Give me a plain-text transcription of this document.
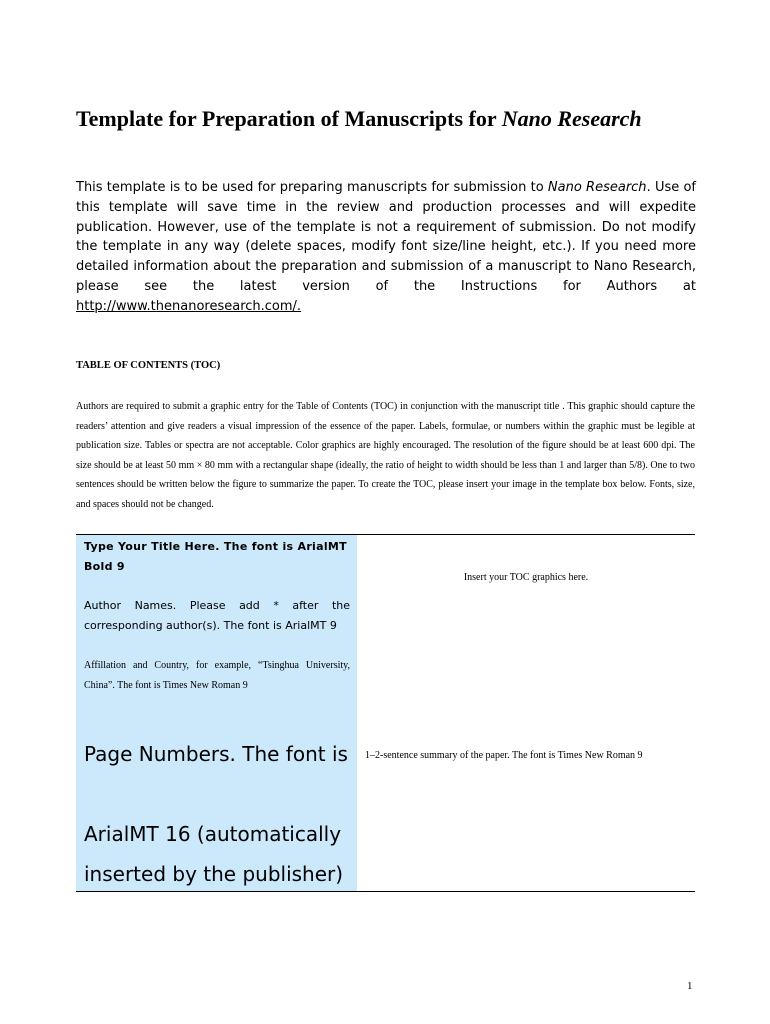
Template for Preparation of Manuscripts for Nano Research

This template is to be used for preparing manuscripts for submission to Nano Research. Use of this template will save time in the review and production processes and will expedite publication. However, use of the template is not a requirement of submission. Do not modify the template in any way (delete spaces, modify font size/line height, etc.). If you need more detailed information about the preparation and submission of a manuscript to Nano Research, please see the latest version of the Instructions for Authors at http://www.thenanoresearch.com/.

TABLE OF CONTENTS (TOC)

Authors are required to submit a graphic entry for the Table of Contents (TOC) in conjunction with the manuscript title . This graphic should capture the readers’ attention and give readers a visual impression of the essence of the paper. Labels, formulae, or numbers within the graphic must be legible at publication size. Tables or spectra are not acceptable. Color graphics are highly encouraged. The resolution of the figure should be at least 600 dpi. The size should be at least 50 mm × 80 mm with a rectangular shape (ideally, the ratio of height to width should be less than 1 and larger than 5/8). One to two sentences should be written below the figure to summarize the paper. To create the TOC, please insert your image in the template box below. Fonts, size, and spaces should not be changed.

Type Your Title Here. The font is ArialMT Bold 9

Author Names. Please add * after the corresponding author(s). The font is ArialMT 9

Affillation and Country, for example, “Tsinghua University, China”. The font is Times New Roman 9

Page Numbers. The font is
ArialMT 16 (automatically inserted by the publisher)

Insert your TOC graphics here.

1–2-sentence summary of the paper. The font is Times New Roman 9

1
